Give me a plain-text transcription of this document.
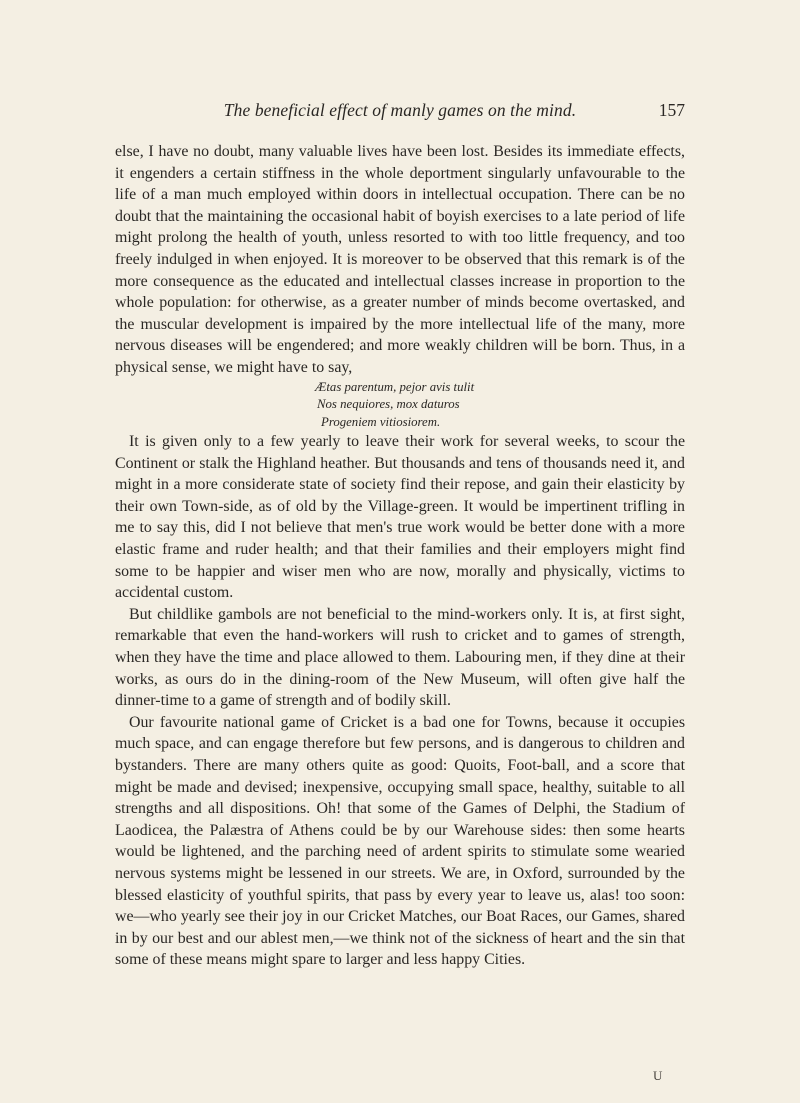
The beneficial effect of manly games on the mind.	157

else, I have no doubt, many valuable lives have been lost. Besides its immediate effects, it engenders a certain stiffness in the whole deportment singularly unfavourable to the life of a man much employed within doors in intellectual occupation. There can be no doubt that the maintaining the occasional habit of boyish exercises to a late period of life might prolong the health of youth, unless resorted to with too little frequency, and too freely indulged in when enjoyed. It is moreover to be observed that this remark is of the more consequence as the educated and intellectual classes increase in proportion to the whole population: for otherwise, as a greater number of minds become overtasked, and the muscular development is impaired by the more intellectual life of the many, more nervous diseases will be engendered; and more weakly children will be born. Thus, in a physical sense, we might have to say,

Ætas parentum, pejor avis tulit
Nos nequiores, mox daturos
Progeniem vitiosiorem.

It is given only to a few yearly to leave their work for several weeks, to scour the Continent or stalk the Highland heather. But thousands and tens of thousands need it, and might in a more considerate state of society find their repose, and gain their elasticity by their own Town-side, as of old by the Village-green. It would be impertinent trifling in me to say this, did I not believe that men's true work would be better done with a more elastic frame and ruder health; and that their families and their employers might find some to be happier and wiser men who are now, morally and physically, victims to accidental custom.

But childlike gambols are not beneficial to the mind-workers only. It is, at first sight, remarkable that even the hand-workers will rush to cricket and to games of strength, when they have the time and place allowed to them. Labouring men, if they dine at their works, as ours do in the dining-room of the New Museum, will often give half the dinner-time to a game of strength and of bodily skill.

Our favourite national game of Cricket is a bad one for Towns, because it occupies much space, and can engage therefore but few persons, and is dangerous to children and bystanders. There are many others quite as good: Quoits, Foot-ball, and a score that might be made and devised; inexpensive, occupying small space, healthy, suitable to all strengths and all dispositions. Oh! that some of the Games of Delphi, the Stadium of Laodicea, the Palæstra of Athens could be by our Warehouse sides: then some hearts would be lightened, and the parching need of ardent spirits to stimulate some wearied nervous systems might be lessened in our streets. We are, in Oxford, surrounded by the blessed elasticity of youthful spirits, that pass by every year to leave us, alas! too soon: we—who yearly see their joy in our Cricket Matches, our Boat Races, our Games, shared in by our best and our ablest men,—we think not of the sickness of heart and the sin that some of these means might spare to larger and less happy Cities.

U
